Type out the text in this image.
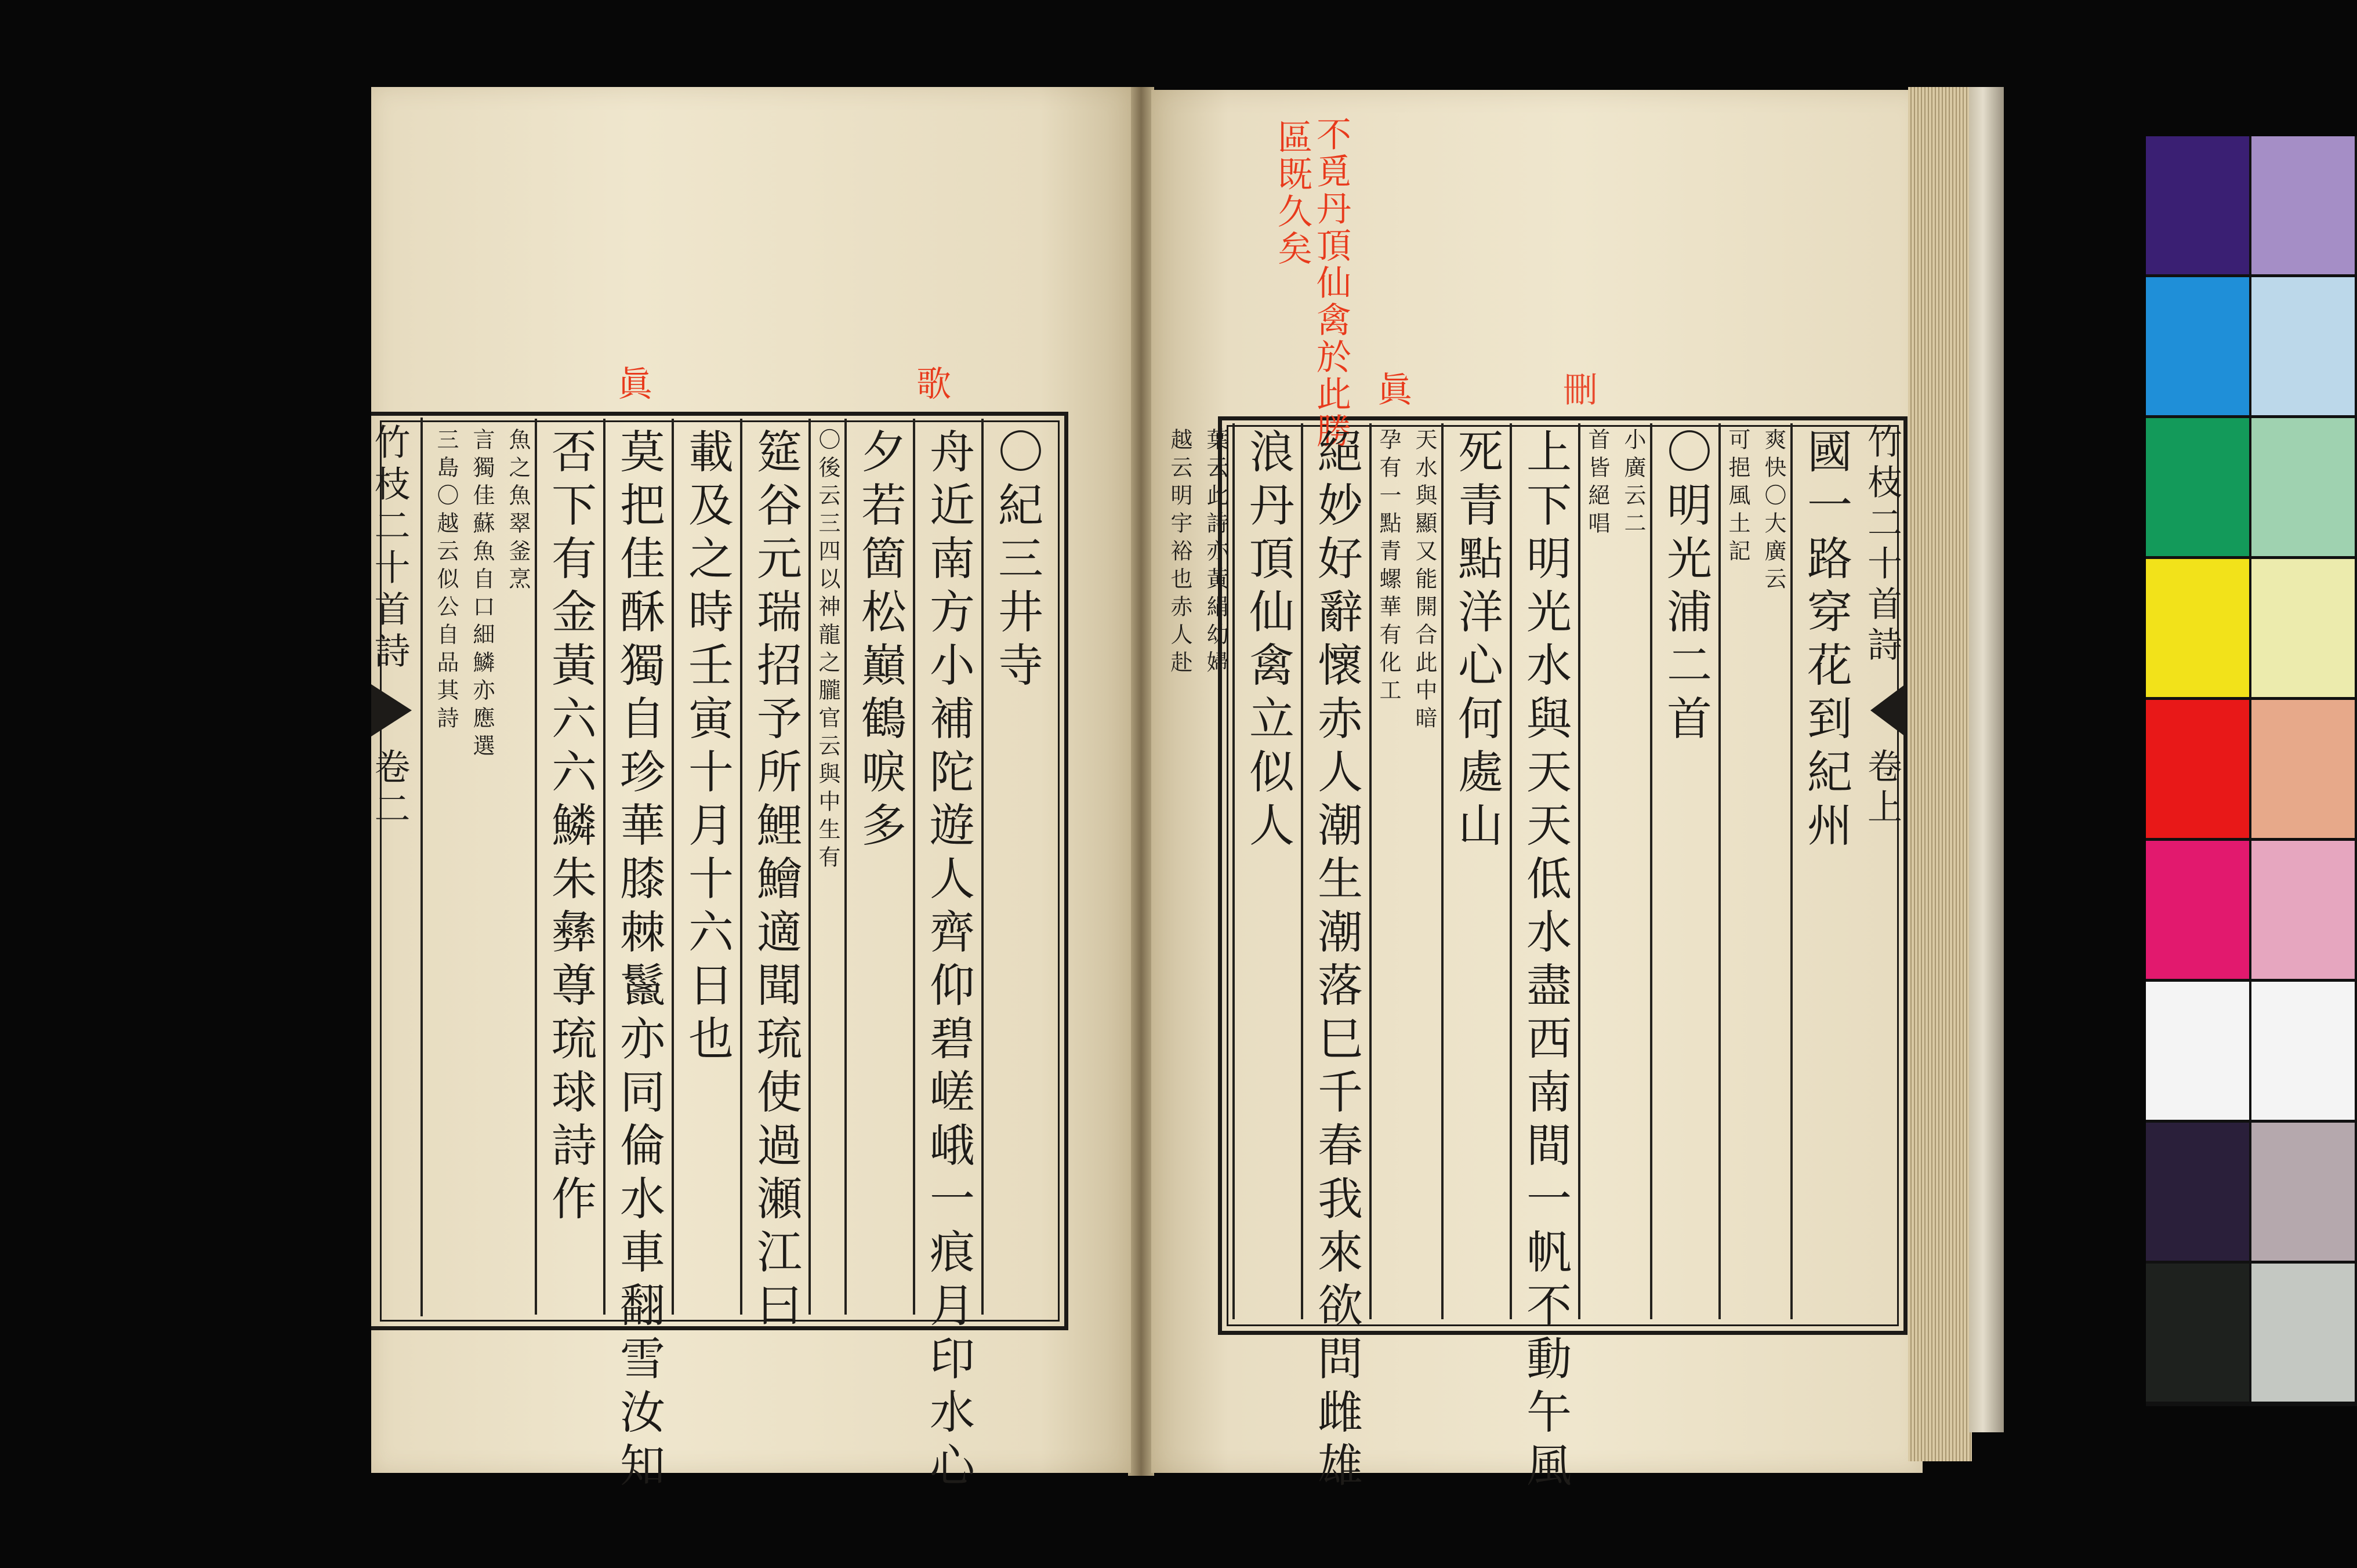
眞	歌
竹枝二十首詩
卷二
〇紀三井寺
舟近南方小補陀遊人齊仰碧嵯峨一痕月印水心
夕若箇松巔鶴唳多
〇後云三四以神龍之朧官云與中生有
筵谷元瑞招予所鯉鱠適聞琉使過瀬江曰
載及之時壬寅十月十六日也
莫把佳酥獨自珍華膝棘鬣亦同倫水車翻雪汝知
否下有金黃六六鱗朱彝尊琉球詩作
魚之魚翠釜烹
言獨佳蘇魚自口細鱗亦應選
三島〇越云似公自品其詩
不覓丹頂仙禽於此勝
區既久矣
眞	刪
竹枝二十首詩
卷上
國一路穿花到紀州
爽快〇大廣云
可挹風土記
〇明光浦二首
小廣云二
首皆絕唱
上下明光水與天天低水盡西南間一帆不動午風
死青點洋心何處山
天水與顯又能開合此中暗
孕有一點青螺華有化工
絕妙好辭懷赤人潮生潮落巳千春我來欲問雌雄
浪丹頂仙禽立似人
葉云此詩亦黃絹幼婦
越云明宇裕也赤人赴
